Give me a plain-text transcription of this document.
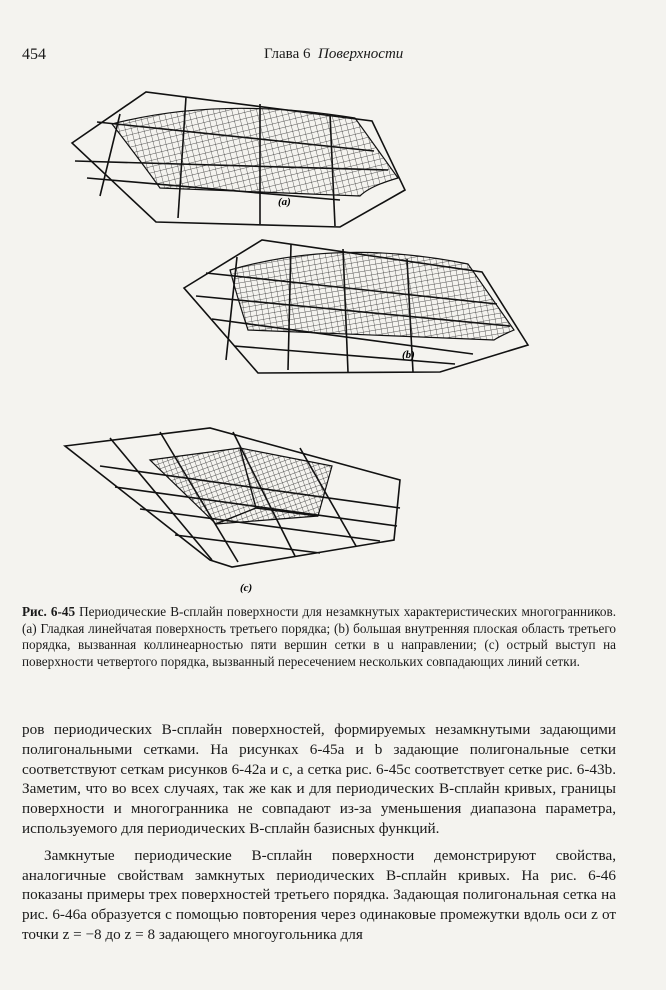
454	Глава 6 Поверхности
(a)
(b)
(c)
Рис. 6-45 Периодические B-сплайн поверхности для незамкнутых характеристических многогранников. (a) Гладкая линейчатая поверхность третьего порядка; (b) большая внутренняя плоская область третьего порядка, вызванная коллинеарностью пяти вершин сетки в u направлении; (c) острый выступ на поверхности четвертого порядка, вызванный пересечением нескольких совпадающих линий сетки.

ров периодических B-сплайн поверхностей, формируемых незамкнутыми задающими полигональными сетками. На рисунках 6-45a и b задающие полигональные сетки соответствуют сеткам рисунков 6-42a и c, а сетка рис. 6-45c соответствует сетке рис. 6-43b. Заметим, что во всех случаях, так же как и для периодических B-сплайн кривых, границы поверхности и многогранника не совпадают из-за уменьшения диапазона параметра, используемого для периодических B-сплайн базисных функций.

Замкнутые периодические B-сплайн поверхности демонстрируют свойства, аналогичные свойствам замкнутых периодических B-сплайн кривых. На рис. 6-46 показаны примеры трех поверхностей третьего порядка. Задающая полигональная сетка на рис. 6-46a образуется с помощью повторения через одинаковые промежутки вдоль оси z от точки z = −8 до z = 8 задающего многоугольника для
